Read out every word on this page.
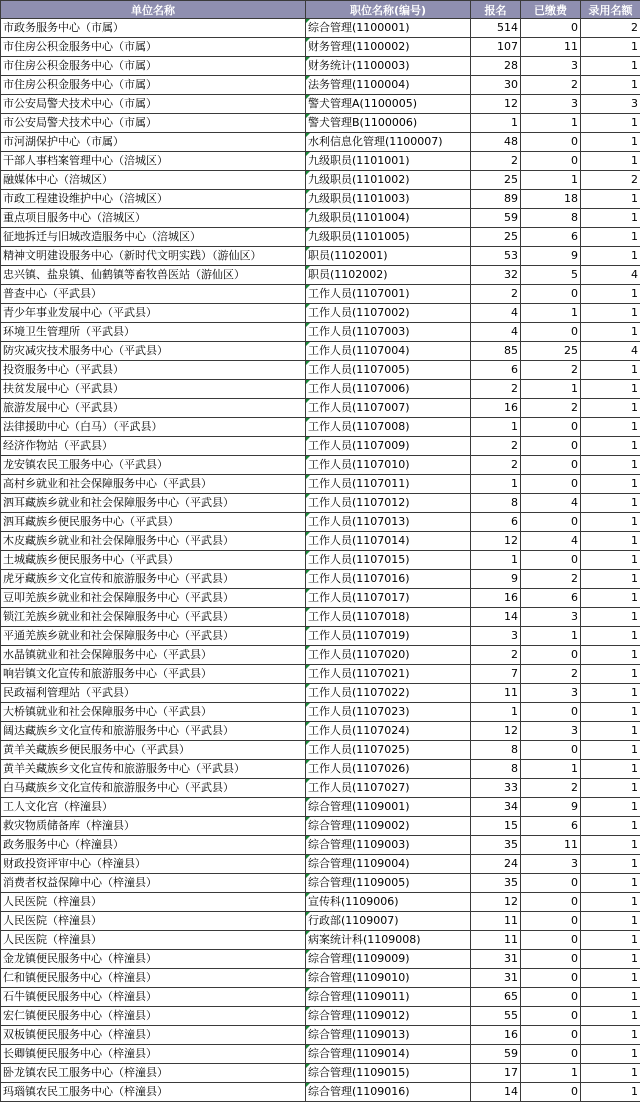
单位名称	职位名称(编号)	报名	已缴费	录用名额
市政务服务中心（市属）	综合管理(1100001)	514	0	2
市住房公积金服务中心（市属）	财务管理(1100002)	107	11	1
市住房公积金服务中心（市属）	财务统计(1100003)	28	3	1
市住房公积金服务中心（市属）	法务管理(1100004)	30	2	1
市公安局警犬技术中心（市属）	警犬管理A(1100005)	12	3	3
市公安局警犬技术中心（市属）	警犬管理B(1100006)	1	1	1
市河湖保护中心（市属）	水利信息化管理(1100007)	48	0	1
干部人事档案管理中心（涪城区）	九级职员(1101001)	2	0	1
融媒体中心（涪城区）	九级职员(1101002)	25	1	2
市政工程建设维护中心（涪城区）	九级职员(1101003)	89	18	1
重点项目服务中心（涪城区）	九级职员(1101004)	59	8	1
征地拆迁与旧城改造服务中心（涪城区）	九级职员(1101005)	25	6	1
精神文明建设服务中心（新时代文明实践）（游仙区）	职员(1102001)	53	9	1
忠兴镇、盐泉镇、仙鹤镇等畜牧兽医站（游仙区）	职员(1102002)	32	5	4
普查中心（平武县）	工作人员(1107001)	2	0	1
青少年事业发展中心（平武县）	工作人员(1107002)	4	1	1
环境卫生管理所（平武县）	工作人员(1107003)	4	0	1
防灾减灾技术服务中心（平武县）	工作人员(1107004)	85	25	4
投资服务中心（平武县）	工作人员(1107005)	6	2	1
扶贫发展中心（平武县）	工作人员(1107006)	2	1	1
旅游发展中心（平武县）	工作人员(1107007)	16	2	1
法律援助中心（白马）（平武县）	工作人员(1107008)	1	0	1
经济作物站（平武县）	工作人员(1107009)	2	0	1
龙安镇农民工服务中心（平武县）	工作人员(1107010)	2	0	1
高村乡就业和社会保障服务中心（平武县）	工作人员(1107011)	1	0	1
泗耳藏族乡就业和社会保障服务中心（平武县）	工作人员(1107012)	8	4	1
泗耳藏族乡便民服务中心（平武县）	工作人员(1107013)	6	0	1
木皮藏族乡就业和社会保障服务中心（平武县）	工作人员(1107014)	12	4	1
土城藏族乡便民服务中心（平武县）	工作人员(1107015)	1	0	1
虎牙藏族乡文化宣传和旅游服务中心（平武县）	工作人员(1107016)	9	2	1
豆叩羌族乡就业和社会保障服务中心（平武县）	工作人员(1107017)	16	6	1
锁江羌族乡就业和社会保障服务中心（平武县）	工作人员(1107018)	14	3	1
平通羌族乡就业和社会保障服务中心（平武县）	工作人员(1107019)	3	1	1
水晶镇就业和社会保障服务中心（平武县）	工作人员(1107020)	2	0	1
响岩镇文化宣传和旅游服务中心（平武县）	工作人员(1107021)	7	2	1
民政福利管理站（平武县）	工作人员(1107022)	11	3	1
大桥镇就业和社会保障服务中心（平武县）	工作人员(1107023)	1	0	1
阔达藏族乡文化宣传和旅游服务中心（平武县）	工作人员(1107024)	12	3	1
黄羊关藏族乡便民服务中心（平武县）	工作人员(1107025)	8	0	1
黄羊关藏族乡文化宣传和旅游服务中心（平武县）	工作人员(1107026)	8	1	1
白马藏族乡文化宣传和旅游服务中心（平武县）	工作人员(1107027)	33	2	1
工人文化宫（梓潼县）	综合管理(1109001)	34	9	1
救灾物质储备库（梓潼县）	综合管理(1109002)	15	6	1
政务服务中心（梓潼县）	综合管理(1109003)	35	11	1
财政投资评审中心（梓潼县）	综合管理(1109004)	24	3	1
消费者权益保障中心（梓潼县）	综合管理(1109005)	35	0	1
人民医院（梓潼县）	宣传科(1109006)	12	0	1
人民医院（梓潼县）	行政部(1109007)	11	0	1
人民医院（梓潼县）	病案统计科(1109008)	11	0	1
金龙镇便民服务中心（梓潼县）	综合管理(1109009)	31	0	1
仁和镇便民服务中心（梓潼县）	综合管理(1109010)	31	0	1
石牛镇便民服务中心（梓潼县）	综合管理(1109011)	65	0	1
宏仁镇便民服务中心（梓潼县）	综合管理(1109012)	55	0	1
双板镇便民服务中心（梓潼县）	综合管理(1109013)	16	0	1
长卿镇便民服务中心（梓潼县）	综合管理(1109014)	59	0	1
卧龙镇农民工服务中心（梓潼县）	综合管理(1109015)	17	1	1
玛瑙镇农民工服务中心（梓潼县）	综合管理(1109016)	14	0	1
